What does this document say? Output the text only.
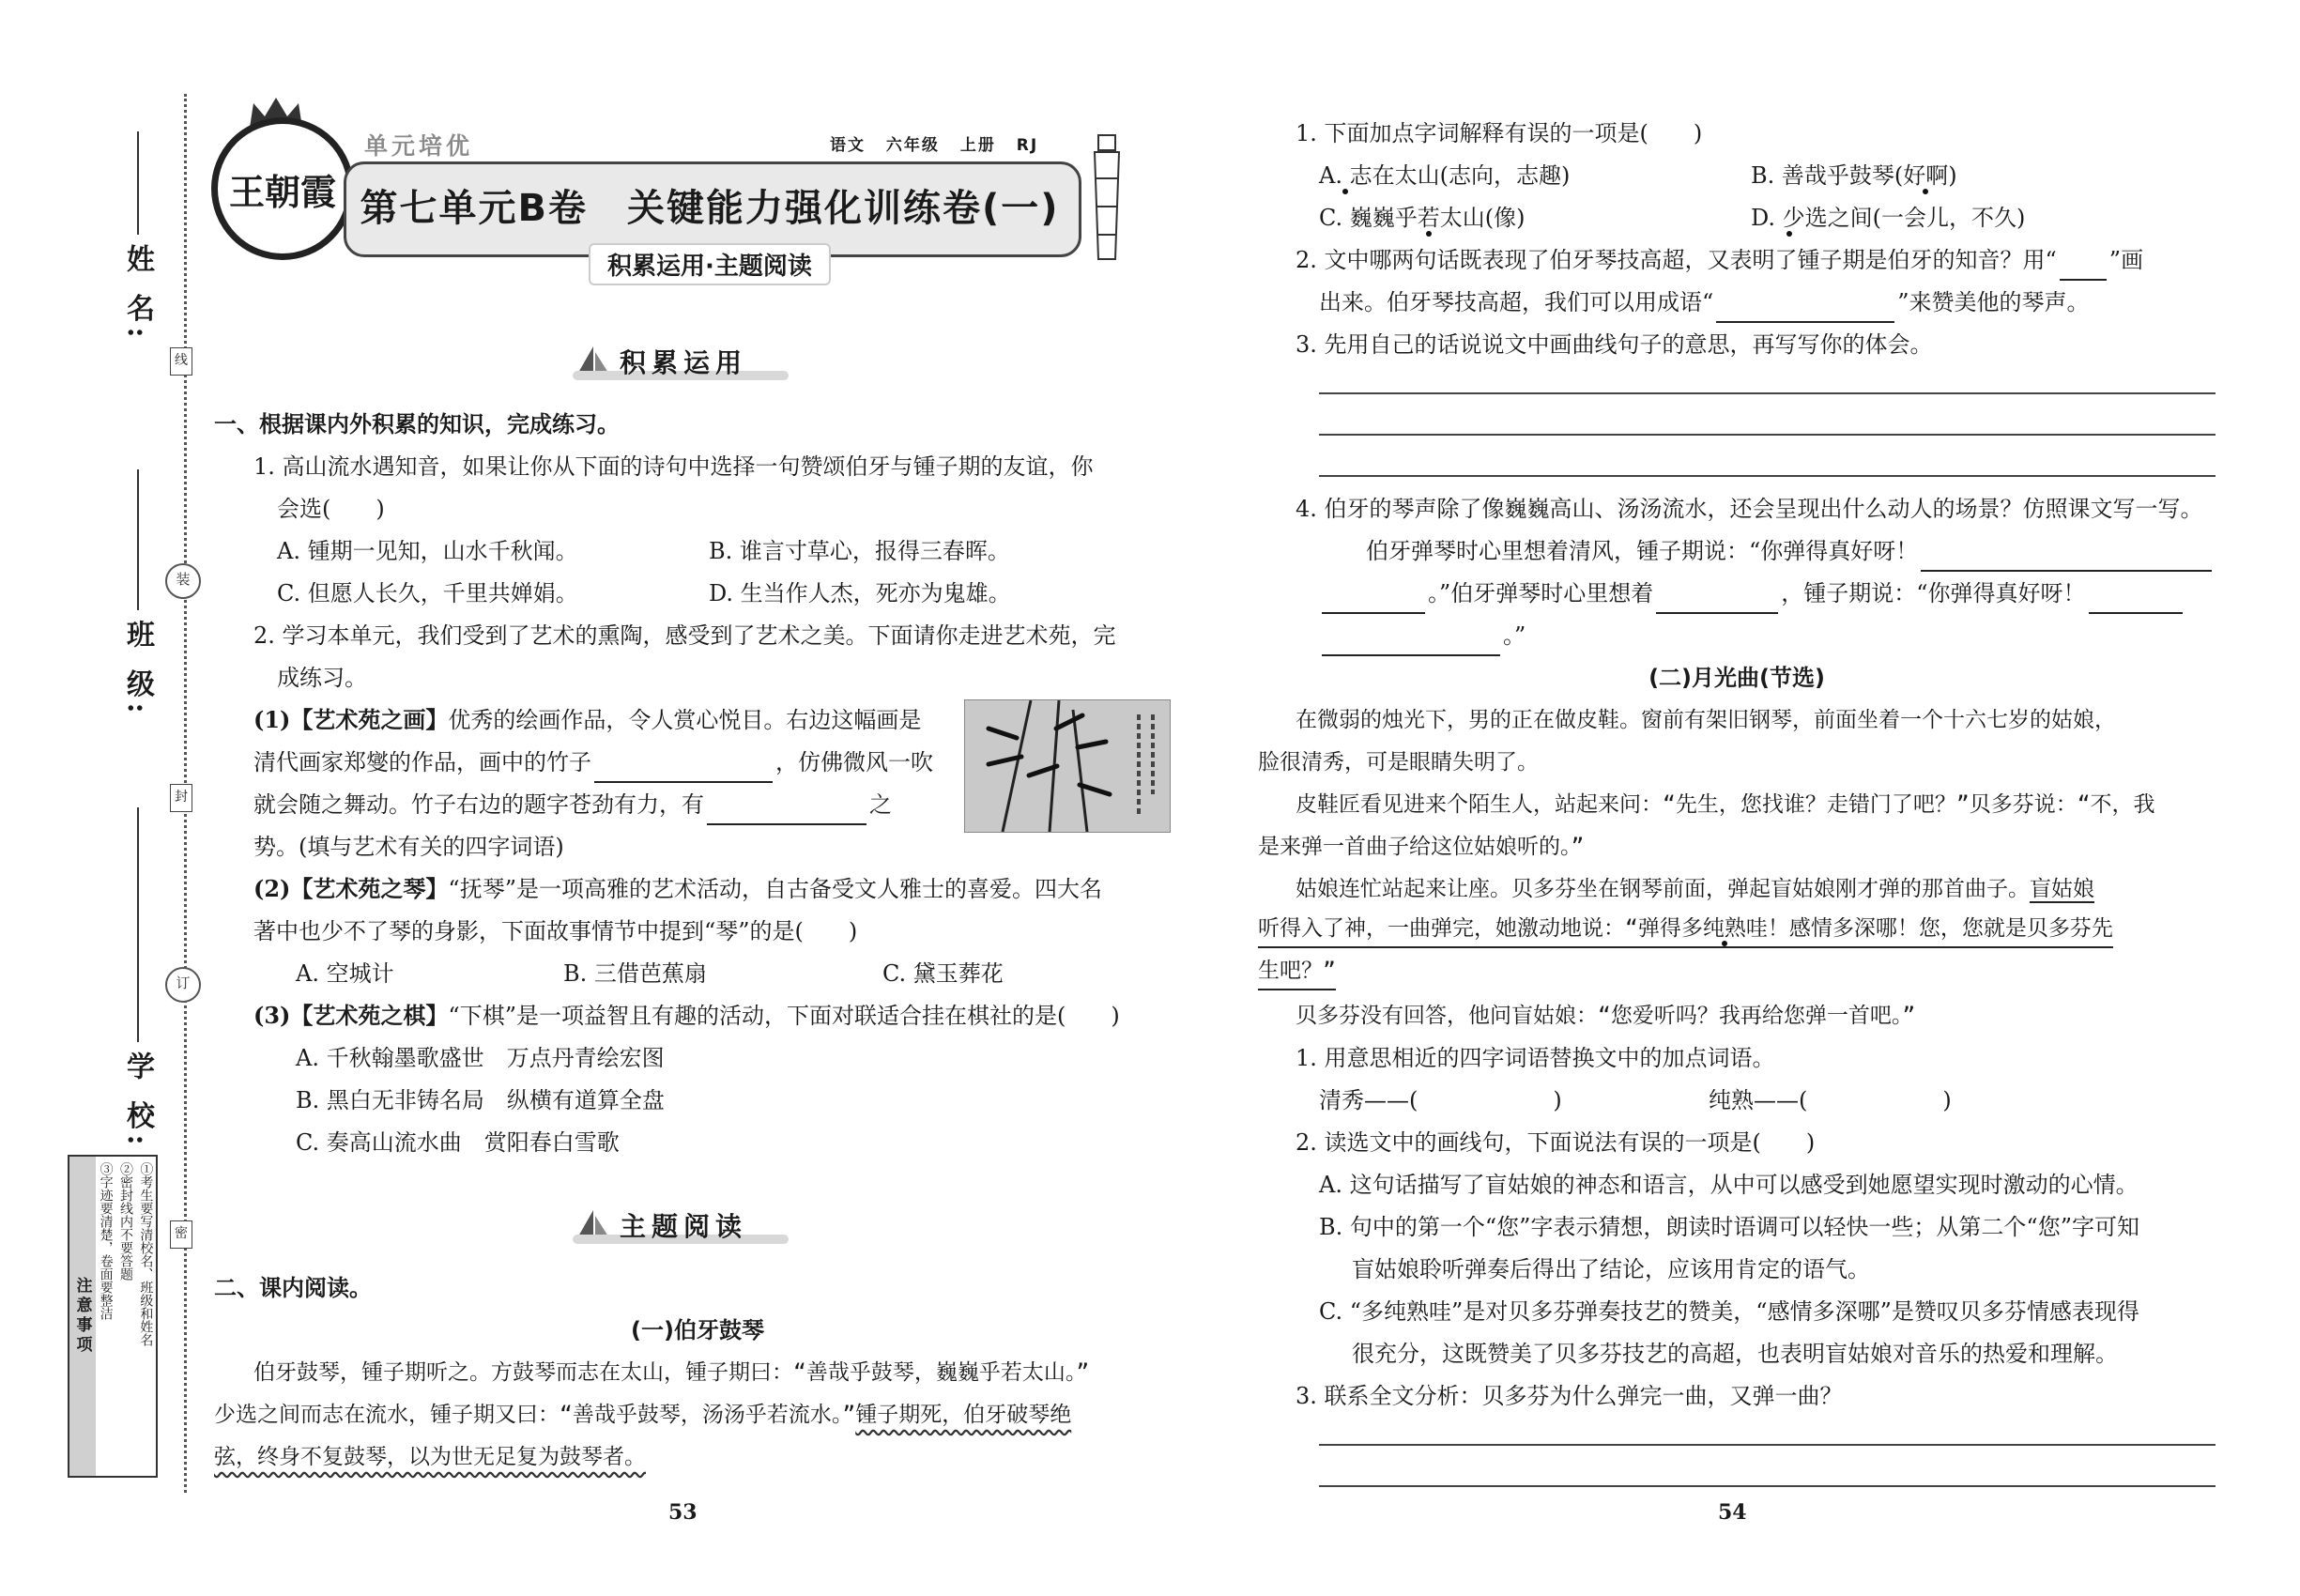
姓 名:
班 级:
学 校:
线
装
封
订
密
注意事项	①考生要写清校名、班级和姓名
②密封线内不要答题
③字迹要清楚，卷面要整洁
王朝霞
单元培优	语文 六年级 上册 RJ
第七单元B卷　关键能力强化训练卷(一)
积累运用·主题阅读
积累运用
一、根据课内外积累的知识，完成练习。
1. 高山流水遇知音，如果让你从下面的诗句中选择一句赞颂伯牙与锺子期的友谊，你
会选(　　)
A. 锺期一见知，山水千秋闻。	B. 谁言寸草心，报得三春晖。
C. 但愿人长久，千里共婵娟。	D. 生当作人杰，死亦为鬼雄。
2. 学习本单元，我们受到了艺术的熏陶，感受到了艺术之美。下面请你走进艺术苑，完
成练习。
(1)【艺术苑之画】优秀的绘画作品，令人赏心悦目。右边这幅画是
清代画家郑燮的作品，画中的竹子	，仿佛微风一吹
就会随之舞动。竹子右边的题字苍劲有力，有	之
势。(填与艺术有关的四字词语)
(2)【艺术苑之琴】“抚琴”是一项高雅的艺术活动，自古备受文人雅士的喜爱。四大名
著中也少不了琴的身影，下面故事情节中提到“琴”的是(　　)
A. 空城计	B. 三借芭蕉扇	C. 黛玉葬花
(3)【艺术苑之棋】“下棋”是一项益智且有趣的活动，下面对联适合挂在棋社的是(　　)
A. 千秋翰墨歌盛世　万点丹青绘宏图
B. 黑白无非铸名局　纵横有道算全盘
C. 奏高山流水曲　赏阳春白雪歌
主题阅读
二、课内阅读。
(一)伯牙鼓琴
伯牙鼓琴，锺子期听之。方鼓琴而志在太山，锺子期曰：“善哉乎鼓琴，巍巍乎若太山。”
少选之间而志在流水，锺子期又曰：“善哉乎鼓琴，汤汤乎若流水。”锺子期死，伯牙破琴绝
弦，终身不复鼓琴，以为世无足复为鼓琴者。
53
1. 下面加点字词解释有误的一项是(　　)
A. 志在太山(志向，志趣)	B. 善哉乎鼓琴(好啊)
C. 巍巍乎若太山(像)	D. 少选之间(一会儿，不久)
2. 文中哪两句话既表现了伯牙琴技高超，又表明了锺子期是伯牙的知音？用“ ”画
出来。伯牙琴技高超，我们可以用成语“	”来赞美他的琴声。
3. 先用自己的话说说文中画曲线句子的意思，再写写你的体会。
4. 伯牙的琴声除了像巍巍高山、汤汤流水，还会呈现出什么动人的场景？仿照课文写一写。
伯牙弹琴时心里想着清风，锺子期说：“你弹得真好呀！
。”伯牙弹琴时心里想着	，锺子期说：“你弹得真好呀！
。”
(二)月光曲(节选)
在微弱的烛光下，男的正在做皮鞋。窗前有架旧钢琴，前面坐着一个十六七岁的姑娘，
脸很清秀，可是眼睛失明了。
皮鞋匠看见进来个陌生人，站起来问：“先生，您找谁？走错门了吧？”贝多芬说：“不，我
是来弹一首曲子给这位姑娘听的。”
姑娘连忙站起来让座。贝多芬坐在钢琴前面，弹起盲姑娘刚才弹的那首曲子。盲姑娘
听得入了神，一曲弹完，她激动地说：“弹得多纯熟哇！感情多深哪！您，您就是贝多芬先
生吧？”
贝多芬没有回答，他问盲姑娘：“您爱听吗？我再给您弹一首吧。”
1. 用意思相近的四字词语替换文中的加点词语。
清秀——(　　　　　　)	纯熟——(　　　　　　)
2. 读选文中的画线句，下面说法有误的一项是(　　)
A. 这句话描写了盲姑娘的神态和语言，从中可以感受到她愿望实现时激动的心情。
B. 句中的第一个“您”字表示猜想，朗读时语调可以轻快一些；从第二个“您”字可知
盲姑娘聆听弹奏后得出了结论，应该用肯定的语气。
C. “多纯熟哇”是对贝多芬弹奏技艺的赞美，“感情多深哪”是赞叹贝多芬情感表现得
很充分，这既赞美了贝多芬技艺的高超，也表明盲姑娘对音乐的热爱和理解。
3. 联系全文分析：贝多芬为什么弹完一曲，又弹一曲？
54
